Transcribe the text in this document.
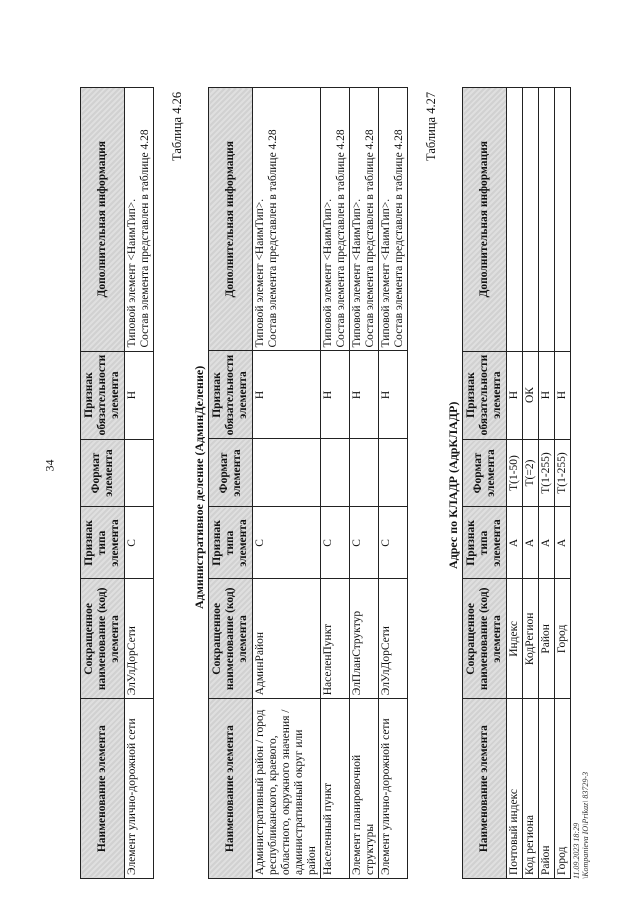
34
Наименование элемента	Сокращенное наименование (код) элемента	Признак типа элемента	Формат элемента	Признак обязательности элемента	Дополнительная информация
Элемент улично-дорожной сети	ЭлУлДорСети	С		Н	Типовой элемент <НаимТип>. Состав элемента представлен в таблице 4.28
Таблица 4.26
Административное деление (АдминДеление)
Наименование элемента	Сокращенное наименование (код) элемента	Признак типа элемента	Формат элемента	Признак обязательности элемента	Дополнительная информация
Административный район / город республиканского, краевого, областного, окружного значения / административный округ или район	АдминРайон	С		Н	Типовой элемент <НаимТип>. Состав элемента представлен в таблице 4.28

Населенный пункт	НаселенПункт	С		Н	Типовой элемент <НаимТип>. Состав элемента представлен в таблице 4.28

Элемент планировочной структуры	ЭлПланСтруктур	С		Н	Типовой элемент <НаимТип>. Состав элемента представлен в таблице 4.28

Элемент улично-дорожной сети	ЭлУлДорСети	С		Н	Типовой элемент <НаимТип>. Состав элемента представлен в таблице 4.28
Таблица 4.27
Адрес по КЛАДР (АдрКЛАДР)
Наименование элемента	Сокращенное наименование (код) элемента	Признак типа элемента	Формат элемента	Признак обязательности элемента	Дополнительная информация
Почтовый индекс	Индекс	А	T(1-50)	Н	
Код региона	КодРегион	А	T(=2)	ОК	
Район	Район	А	T(1-255)	Н	
Город	Город	А	T(1-255)	Н	
11.09.2023 18:29 \Kompanieva IO\Prikaz\ 83729-3
